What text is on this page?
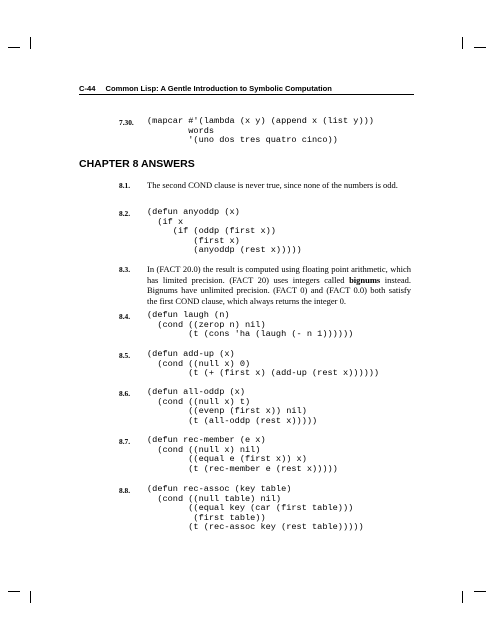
C-44 Common Lisp: A Gentle Introduction to Symbolic Computation
7.30. (mapcar #'(lambda (x y) (append x (list y)))
words
'(uno dos tres quatro cinco))
CHAPTER 8 ANSWERS
8.1. The second COND clause is never true, since none of the numbers is odd.
8.2. (defun anyoddp (x)
(if x
(if (oddp (first x))
(first x)
(anyoddp (rest x)))))
8.3. In (FACT 20.0) the result is computed using floating point arithmetic, which has limited precision. (FACT 20) uses integers called bignums instead. Bignums have unlimited precision. (FACT 0) and (FACT 0.0) both satisfy the first COND clause, which always returns the integer 0.
8.4. (defun laugh (n)
(cond ((zerop n) nil)
(t (cons 'ha (laugh (- n 1))))))
8.5. (defun add-up (x)
(cond ((null x) 0)
(t (+ (first x) (add-up (rest x))))))
8.6. (defun all-oddp (x)
(cond ((null x) t)
((evenp (first x)) nil)
(t (all-oddp (rest x)))))
8.7. (defun rec-member (e x)
(cond ((null x) nil)
((equal e (first x)) x)
(t (rec-member e (rest x)))))
8.8. (defun rec-assoc (key table)
(cond ((null table) nil)
((equal key (car (first table)))
(first table))
(t (rec-assoc key (rest table)))))
